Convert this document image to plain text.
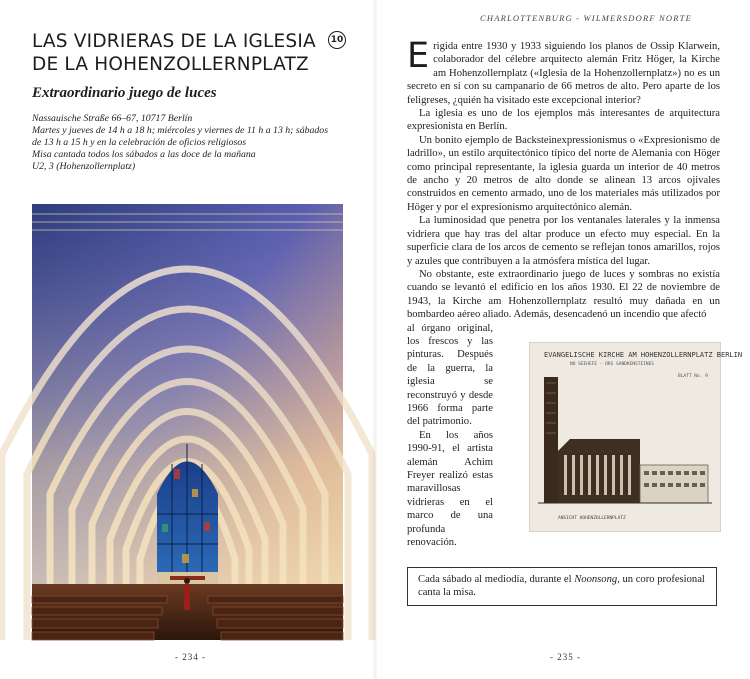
LAS VIDRIERAS DE LA IGLESIA DE LA HOHENZOLLERNPLATZ
10
Extraordinario juego de luces
Nassauische Straße 66–67, 10717 Berlín
Martes y jueves de 14 h a 18 h; miércoles y viernes de 11 h a 13 h; sábados de 13 h a 15 h y en la celebración de oficios religiosos
Misa cantada todos los sábados a las doce de la mañana
U2, 3 (Hohenzollernplatz)
- 234 -
CHARLOTTENBURG - WILMERSDORF NORTE

Erigida entre 1930 y 1933 siguiendo los planos de Ossip Klarwein, colaborador del célebre arquitecto alemán Fritz Höger, la Kirche am Hohenzollernplatz («Iglesia de la Hohenzollernplatz») no es un secreto en sí con su campanario de 66 metros de alto. Pero aparte de los feligreses, ¿quién ha visitado este excepcional interior?

La iglesia es uno de los ejemplos más interesantes de arquitectura expresionista en Berlín.

Un bonito ejemplo de Backsteinexpressionismus o «Expresionismo de ladrillo», un estilo arquitectónico típico del norte de Alemania con Höger como principal representante, la iglesia guarda un interior de 40 metros de ancho y 20 metros de alto donde se alinean 13 arcos ojivales construidos en cemento armado, uno de los materiales más utilizados por Höger y por el expresionismo arquitectónico alemán.

La luminosidad que penetra por los ventanales laterales y la inmensa vidriera que hay tras del altar produce un efecto muy especial. En la superficie clara de los arcos de cemento se reflejan tonos amarillos, rojos y azules que contribuyen a la atmósfera mística del lugar.

No obstante, este extraordinario juego de luces y sombras no existía cuando se levantó el edificio en los años 1930. El 22 de noviembre de 1943, la Kirche am Hohenzollernplatz resultó muy dañada en un bombardeo aéreo aliado. Además, desencadenó un incendio que afectó

al órgano original, los frescos y las pinturas. Después de la guerra, la iglesia se reconstruyó y desde 1966 forma parte del patrimonio.

En los años 1990-91, el artista alemán Achim Freyer realizó estas maravillosas vidrieras en el marco de una profunda renovación.

EVANGELISCHE KIRCHE AM HOHENZOLLERNPLATZ BERLIN
NO SEEHEFE - DRS SANDKENSTEINES
BLATT No. 9
ANSICHT HOHENZOLLERNPLATZ
Cada sábado al mediodía, durante el Noonsong, un coro profesional canta la misa.
- 235 -
